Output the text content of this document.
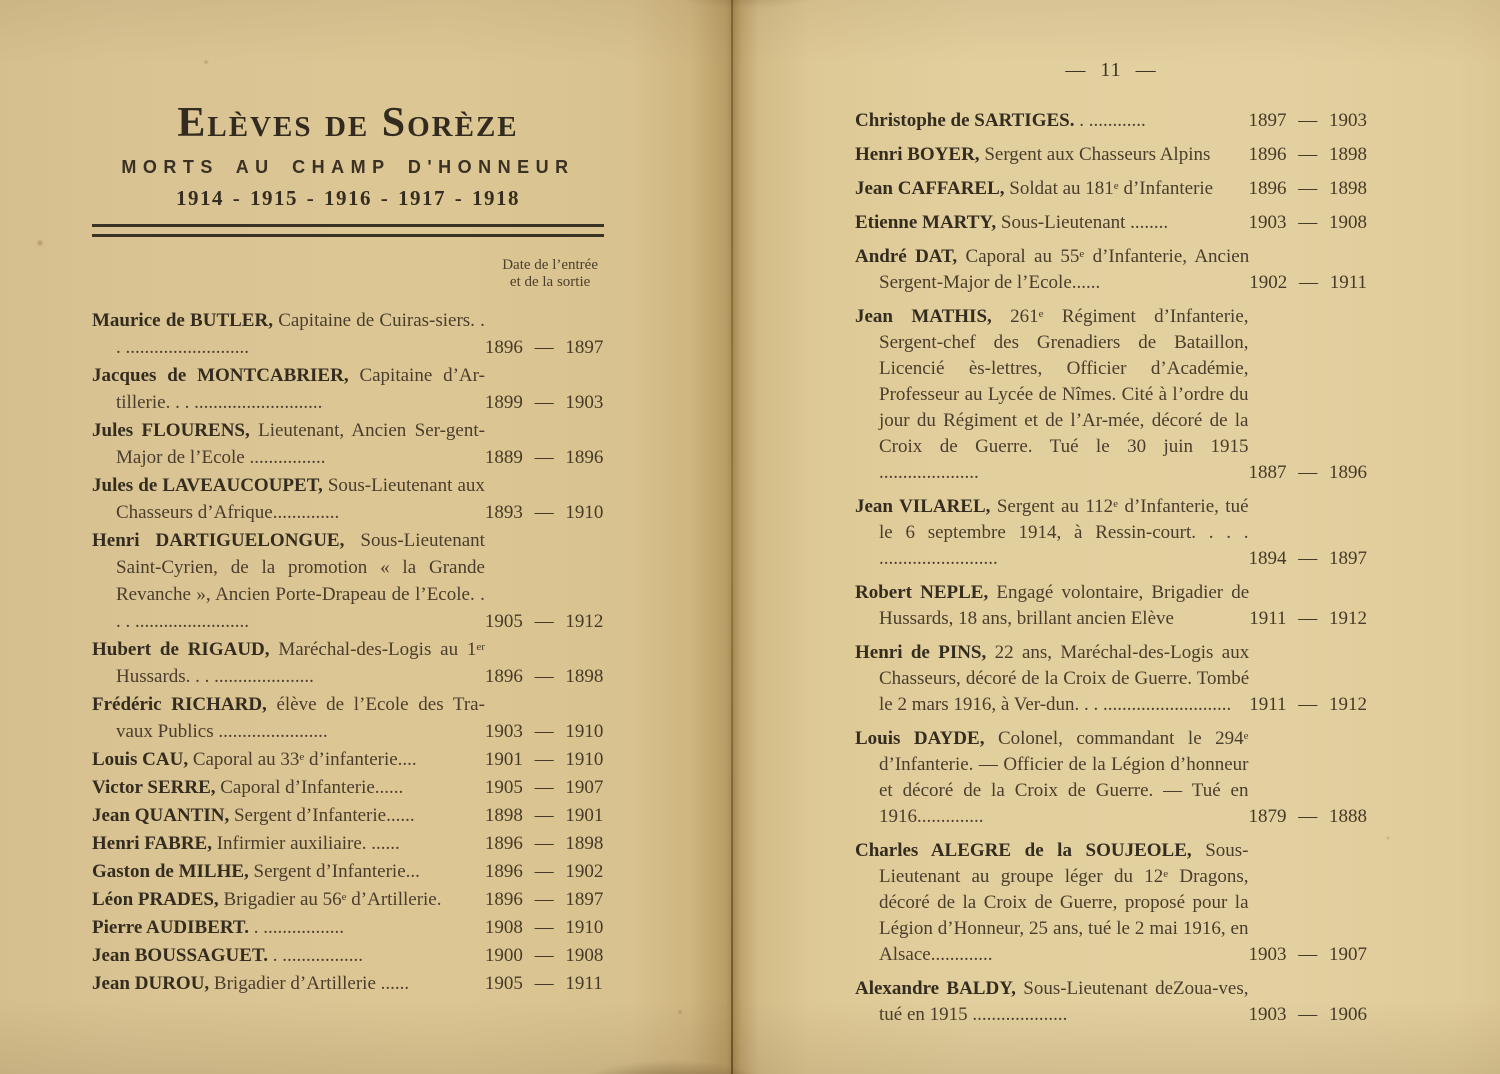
Elèves de Sorèze

MORTS AU CHAMP D'HONNEUR

1914 - 1915 - 1916 - 1917 - 1918

Date de l’entrée
et de la sortie

Maurice de BUTLER, Capitaine de Cuiras-siers. . . ..........................	1896 — 1897

Jacques de MONTCABRIER, Capitaine d’Ar-tillerie. . . ...........................	1899 — 1903

Jules FLOURENS, Lieutenant, Ancien Ser-gent-Major de l’Ecole ................	1889 — 1896

Jules de LAVEAUCOUPET, Sous-Lieutenant aux Chasseurs d’Afrique..............	1893 — 1910

Henri DARTIGUELONGUE, Sous-Lieutenant Saint-Cyrien, de la promotion « la Grande Revanche », Ancien Porte-Drapeau de l’Ecole. . . . ........................	1905 — 1912

Hubert de RIGAUD, Maréchal-des-Logis au 1er Hussards. . . .....................	1896 — 1898

Frédéric RICHARD, élève de l’Ecole des Tra-vaux Publics .......................	1903 — 1910

Louis CAU, Caporal au 33e d’infanterie....	1901 — 1910

Victor SERRE, Caporal d’Infanterie......	1905 — 1907

Jean QUANTIN, Sergent d’Infanterie......	1898 — 1901

Henri FABRE, Infirmier auxiliaire. ......	1896 — 1898

Gaston de MILHE, Sergent d’Infanterie...	1896 — 1902

Léon PRADES, Brigadier au 56e d’Artillerie.	1896 — 1897

Pierre AUDIBERT. . .................	1908 — 1910

Jean BOUSSAGUET. . .................	1900 — 1908

Jean DUROU, Brigadier d’Artillerie ......	1905 — 1911

— 11 —

Christophe de SARTIGES. . ............	1897 — 1903

Henri BOYER, Sergent aux Chasseurs Alpins	1896 — 1898

Jean CAFFAREL, Soldat au 181e d’Infanterie	1896 — 1898

Etienne MARTY, Sous-Lieutenant ........	1903 — 1908

André DAT, Caporal au 55e d’Infanterie, Ancien Sergent-Major de l’Ecole......	1902 — 1911

Jean MATHIS, 261e Régiment d’Infanterie, Sergent-chef des Grenadiers de Bataillon, Licencié ès-lettres, Officier d’Académie, Professeur au Lycée de Nîmes. Cité à l’ordre du jour du Régiment et de l’Ar-mée, décoré de la Croix de Guerre. Tué le 30 juin 1915 .....................	1887 — 1896

Jean VILAREL, Sergent au 112e d’Infanterie, tué le 6 septembre 1914, à Ressin-court. . . . .........................	1894 — 1897

Robert NEPLE, Engagé volontaire, Brigadier de Hussards, 18 ans, brillant ancien Elève	1911 — 1912

Henri de PINS, 22 ans, Maréchal-des-Logis aux Chasseurs, décoré de la Croix de Guerre. Tombé le 2 mars 1916, à Ver-dun. . . ........................... 1911 — 1912

Louis DAYDE, Colonel, commandant le 294e d’Infanterie. — Officier de la Légion d’honneur et décoré de la Croix de Guerre. — Tué en 1916..............	1879 — 1888

Charles ALEGRE de la SOUJEOLE, Sous-Lieutenant au groupe léger du 12e Dragons, décoré de la Croix de Guerre, proposé pour la Légion d’Honneur, 25 ans, tué le 2 mai 1916, en Alsace.............	1903 — 1907

Alexandre BALDY, Sous-Lieutenant deZoua-ves, tué en 1915 ....................	1903 — 1906
